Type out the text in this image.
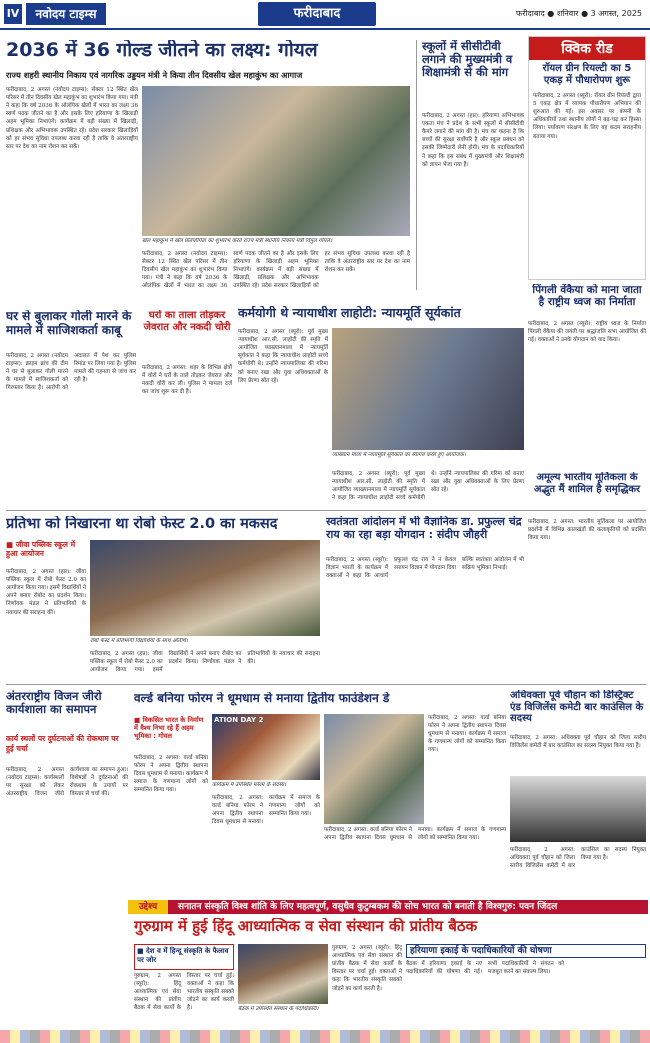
IV	नवोदय टाइम्स	फरीदाबाद	फरीदाबाद ● शनिवार ● 3 अगस्त, 2025
2036 में 36 गोल्ड जीतने का लक्ष्य: गोयल
राज्य शहरी स्थानीय निकाय एवं नागरिक उड्डयन मंत्री ने किया तीन दिवसीय खेल महाकुंभ का आगाज
फरीदाबाद, 2 अगस्त (नवोदय टाइम्स): सेक्टर 12 स्थित खेल परिसर में तीन दिवसीय खेल महाकुंभ का शुभारंभ किया गया। मंत्री ने कहा कि वर्ष 2036 के ओलंपिक खेलों में भारत का लक्ष्य 36 स्वर्ण पदक जीतने का है और इसके लिए हरियाणा के खिलाड़ी अहम भूमिका निभाएंगे। कार्यक्रम में बड़ी संख्या में खिलाड़ी, प्रशिक्षक और अभिभावक उपस्थित रहे। प्रदेश सरकार खिलाड़ियों को हर संभव सुविधा उपलब्ध करवा रही है ताकि वे अंतरराष्ट्रीय स्तर पर देश का नाम रोशन कर सकें।
खेल महाकुंभ में खेल प्रतियोगिता का शुभारंभ करते राज्य मंत्री स्थानीय निकाय मंत्री विपुल गोयल।
फरीदाबाद, 2 अगस्त (नवोदय टाइम्स): सेक्टर 12 स्थित खेल परिसर में तीन दिवसीय खेल महाकुंभ का शुभारंभ किया गया। मंत्री ने कहा कि वर्ष 2036 के ओलंपिक खेलों में भारत का लक्ष्य 36 स्वर्ण पदक जीतने का है और इसके लिए हरियाणा के खिलाड़ी अहम भूमिका निभाएंगे। कार्यक्रम में बड़ी संख्या में खिलाड़ी, प्रशिक्षक और अभिभावक उपस्थित रहे। प्रदेश सरकार खिलाड़ियों को हर संभव सुविधा उपलब्ध करवा रही है ताकि वे अंतरराष्ट्रीय स्तर पर देश का नाम रोशन कर सकें।
स्कूलों में सीसीटीवी लगाने की मुख्यमंत्री व शिक्षामंत्री से की मांग
फरीदाबाद, 2 अगस्त (हप्र): हरियाणा अभिभावक एकता मंच ने प्रदेश के सभी स्कूलों में सीसीटीवी कैमरे लगाने की मांग की है। मंच का कहना है कि बच्चों की सुरक्षा सर्वोपरि है और स्कूल प्रबंधन को इसकी जिम्मेदारी लेनी होगी। मंच के पदाधिकारियों ने कहा कि इस संबंध में मुख्यमंत्री और शिक्षामंत्री को ज्ञापन भेजा गया है।
क्विक रीड
रॉयल ग्रीन रियल्टी का 5 एकड़ में पौधारोपण शुरू
फरीदाबाद, 2 अगस्त (ब्यूरो): रॉयल ग्रीन रियल्टी द्वारा 5 एकड़ क्षेत्र में व्यापक पौधारोपण अभियान की शुरुआत की गई। इस अवसर पर कंपनी के अधिकारियों तथा स्थानीय लोगों ने बढ़-चढ़ कर हिस्सा लिया। पर्यावरण संरक्षण के लिए यह कदम सराहनीय बताया गया।
घर से बुलाकर गोली मारने के मामले में साजिशकर्ता काबू
फरीदाबाद, 2 अगस्त (नवोदय टाइम्स): क्राइम ब्रांच की टीम ने घर से बुलाकर गोली मारने के मामले में साजिशकर्ता को गिरफ्तार किया है। आरोपी को अदालत में पेश कर पुलिस रिमांड पर लिया गया है। पुलिस मामले की गहनता से जांच कर रही है।
घरों का ताला तोड़कर जेवरात और नकदी चोरी
फरीदाबाद, 2 अगस्त: शहर के विभिन्न क्षेत्रों में चोरों ने घरों के ताले तोड़कर जेवरात और नकदी चोरी कर ली। पुलिस ने मामला दर्ज कर जांच शुरू कर दी है।
कर्मयोगी थे न्यायाधीश लाहोटी: न्यायमूर्ति सूर्यकांत
फरीदाबाद, 2 अगस्त (ब्यूरो): पूर्व मुख्य न्यायाधीश आर.सी. लाहोटी की स्मृति में आयोजित व्याख्यानमाला में न्यायमूर्ति सूर्यकांत ने कहा कि न्यायाधीश लाहोटी सच्चे कर्मयोगी थे। उन्होंने न्यायपालिका की गरिमा को बनाए रखा और युवा अधिवक्ताओं के लिए प्रेरणा स्रोत रहे।
व्याख्यान माला में न्यायमूर्ति सूर्यकांत का स्वागत करते हुए आयोजक।
फरीदाबाद, 2 अगस्त (ब्यूरो): पूर्व मुख्य न्यायाधीश आर.सी. लाहोटी की स्मृति में आयोजित व्याख्यानमाला में न्यायमूर्ति सूर्यकांत ने कहा कि न्यायाधीश लाहोटी सच्चे कर्मयोगी थे। उन्होंने न्यायपालिका की गरिमा को बनाए रखा और युवा अधिवक्ताओं के लिए प्रेरणा स्रोत रहे।
पिंगली वेंकैया को माना जाता है राष्ट्रीय ध्वज का निर्माता
फरीदाबाद, 2 अगस्त (ब्यूरो): राष्ट्रीय ध्वज के निर्माता पिंगली वेंकैया की जयंती पर श्रद्धांजलि सभा आयोजित की गई। वक्ताओं ने उनके योगदान को याद किया।
प्रतिभा को निखारना था रोबो फेस्ट 2.0 का मकसद
■ जीवा पब्लिक स्कूल में हुआ आयोजन
फरीदाबाद, 2 अगस्त (हप्र): जीवा पब्लिक स्कूल में रोबो फेस्ट 2.0 का आयोजन किया गया। इसमें विद्यार्थियों ने अपने बनाए रोबोट का प्रदर्शन किया। निर्णायक मंडल ने प्रतिभागियों के नवाचार की सराहना की।
रोबो फेस्ट में प्रतिभागी विद्यार्थियों के साथ अतिथि।
फरीदाबाद, 2 अगस्त (हप्र): जीवा पब्लिक स्कूल में रोबो फेस्ट 2.0 का आयोजन किया गया। इसमें विद्यार्थियों ने अपने बनाए रोबोट का प्रदर्शन किया। निर्णायक मंडल ने प्रतिभागियों के नवाचार की सराहना की।
स्वतंत्रता आंदोलन में भी वैज्ञानिक डा. प्रफुल्ल चंद्र राय का रहा बड़ा योगदान : संदीप जौहरी
फरीदाबाद, 2 अगस्त (ब्यूरो): विज्ञान भारती के कार्यक्रम में वक्ताओं ने कहा कि आचार्य प्रफुल्ल चंद्र राय ने न केवल रसायन विज्ञान में योगदान दिया बल्कि स्वतंत्रता आंदोलन में भी सक्रिय भूमिका निभाई।
अमूल्य भारतीय मूर्तिकला के अद्भुत मैं शामिल है समृद्धिकर
फरीदाबाद, 2 अगस्त: भारतीय मूर्तिकला पर आयोजित प्रदर्शनी में विभिन्न कालखंडों की कलाकृतियों को प्रदर्शित किया गया।
अंतरराष्ट्रीय विजन जीरो कार्यशाला का समापन
कार्य स्थलों पर दुर्घटनाओं की रोकथाम पर हुई चर्चा
फरीदाबाद, 2 अगस्त (नवोदय टाइम्स): कार्यस्थलों पर सुरक्षा को लेकर अंतरराष्ट्रीय विजन जीरो कार्यशाला का समापन हुआ। विशेषज्ञों ने दुर्घटनाओं की रोकथाम के उपायों पर विस्तार से चर्चा की।
वर्ल्ड बनिया फोरम ने धूमधाम से मनाया द्वितीय फाउंडेशन डे
■ विकसित भारत के निर्माण में वैश्य निभा रहे हैं अहम भूमिका : गोयल
फरीदाबाद, 2 अगस्त: वर्ल्ड बनिया फोरम ने अपना द्वितीय स्थापना दिवस धूमधाम से मनाया। कार्यक्रम में समाज के गणमान्य लोगों को सम्मानित किया गया।
ATION DAY 2
कार्यक्रम में उपस्थित फोरम के सदस्य।
फरीदाबाद, 2 अगस्त: वर्ल्ड बनिया फोरम ने अपना द्वितीय स्थापना दिवस धूमधाम से मनाया। कार्यक्रम में समाज के गणमान्य लोगों को सम्मानित किया गया।
फरीदाबाद, 2 अगस्त: वर्ल्ड बनिया फोरम ने अपना द्वितीय स्थापना दिवस धूमधाम से मनाया। कार्यक्रम में समाज के गणमान्य लोगों को सम्मानित किया गया।
फरीदाबाद, 2 अगस्त: वर्ल्ड बनिया फोरम ने अपना द्वितीय स्थापना दिवस धूमधाम से मनाया। कार्यक्रम में समाज के गणमान्य लोगों को सम्मानित किया गया।
अधिवक्ता पूर्व चौहान को डिस्ट्रिक्ट एंड विजिलेंस कमेटी बार काउंसिल के सदस्य
फरीदाबाद, 2 अगस्त: अधिवक्ता पूर्व चौहान को जिला स्तरीय विजिलेंस कमेटी में बार काउंसिल का सदस्य नियुक्त किया गया है।
फरीदाबाद, 2 अगस्त: अधिवक्ता पूर्व चौहान को जिला स्तरीय विजिलेंस कमेटी में बार काउंसिल का सदस्य नियुक्त किया गया है।
उद्देश्य	सनातन संस्कृति विश्व शांति के लिए महत्वपूर्ण, वसुधैव कुटुम्बकम की सोच भारत को बनाती है विश्वगुरु: पवन जिंदल
गुरुग्राम में हुई हिंदू आध्यात्मिक व सेवा संस्थान की प्रांतीय बैठक
■ देश व में हिन्दू संस्कृति के फैलाव पर जोर
गुरुग्राम, 2 अगस्त (ब्यूरो): हिंदू आध्यात्मिक एवं सेवा संस्थान की प्रांतीय बैठक में सेवा कार्यों के विस्तार पर चर्चा हुई। वक्ताओं ने कहा कि भारतीय संस्कृति सबको जोड़ने का कार्य करती है।	बैठक में उपस्थित संस्थान के पदाधिकारी।
गुरुग्राम, 2 अगस्त (ब्यूरो): हिंदू आध्यात्मिक एवं सेवा संस्थान की प्रांतीय बैठक में सेवा कार्यों के विस्तार पर चर्चा हुई। वक्ताओं ने कहा कि भारतीय संस्कृति सबको जोड़ने का कार्य करती है।
हरियाणा इकाई के पदाधिकारियों की घोषणा
बैठक में हरियाणा इकाई के नए पदाधिकारियों की घोषणा की गई। सभी पदाधिकारियों ने संगठन को मजबूत करने का संकल्प लिया।
